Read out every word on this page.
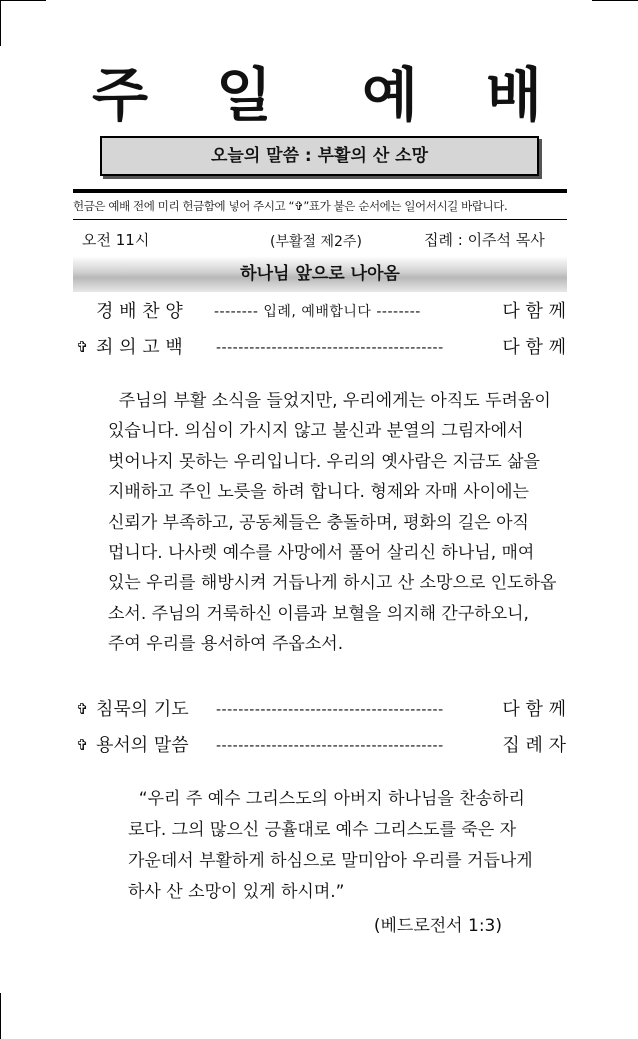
주 일 예 배
오늘의 말씀 : 부활의 산 소망
헌금은 예배 전에 미리 헌금함에 넣어 주시고 “✞”표가 붙은 순서에는 일어서시길 바랍니다.
오전 11시	(부활절 제2주)	집례 : 이주석 목사
하나님 앞으로 나아옴
경 배 찬 양 -------- 입례, 예배합니다 --------	다 함 께
✞ 죄 의 고 백 -----------------------------------------	다 함 께
주님의 부활 소식을 들었지만, 우리에게는 아직도 두려움이
있습니다. 의심이 가시지 않고 불신과 분열의 그림자에서
벗어나지 못하는 우리입니다. 우리의 옛사람은 지금도 삶을
지배하고 주인 노릇을 하려 합니다. 형제와 자매 사이에는
신뢰가 부족하고, 공동체들은 충돌하며, 평화의 길은 아직
멉니다. 나사렛 예수를 사망에서 풀어 살리신 하나님, 매여
있는 우리를 해방시켜 거듭나게 하시고 산 소망으로 인도하옵
소서. 주님의 거룩하신 이름과 보혈을 의지해 간구하오니,
주여 우리를 용서하여 주옵소서.
✞ 침묵의 기도 -----------------------------------------	다 함 께
✞ 용서의 말씀 -----------------------------------------	집 례 자
“우리 주 예수 그리스도의 아버지 하나님을 찬송하리
로다. 그의 많으신 긍휼대로 예수 그리스도를 죽은 자
가운데서 부활하게 하심으로 말미암아 우리를 거듭나게
하사 산 소망이 있게 하시며.”
(베드로전서 1:3)
